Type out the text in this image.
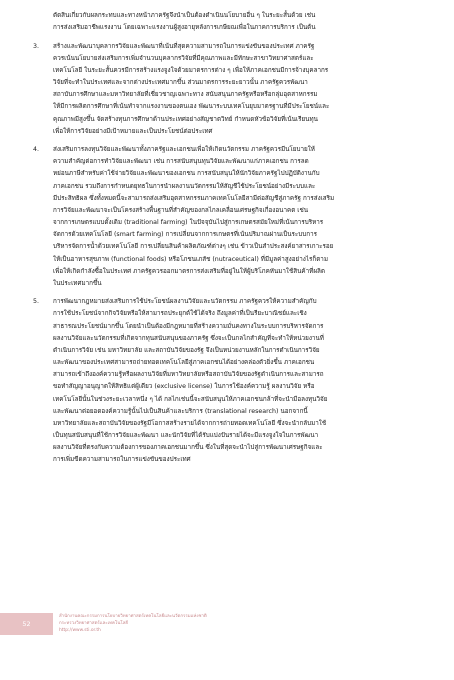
ตัดสินเกี่ยวกับผลกระทบและทางหน้าภาครัฐจึงนำเป็นต้องดำเนินนโยบายอื่น ๆ ในระยะสั้นด้วย เช่น
การส่งเสริมอาชีพแรงงาน โดยเฉพาะแรงงานผู้สูงอายุหลังการเกษียณเพื่อในภาคการบริการ เป็นต้น

3.	สร้างและพัฒนาบุคลากรวิจัยและพัฒนาที่เน้นที่สุดความสามารถในการแข่งขันของประเทศ ภาครัฐ
ควรเน้นนโยบายส่งเสริมการเพิ่มจำนวนบุคลากรวิจัยที่มีคุณภาพและมีทักษะสาขาวิทยาศาสตร์และ
เทคโนโลยี ในระยะสั้นควรมีการสร้างแรงจูงใจด้วยมาตรการต่าง ๆ เพื่อให้ภาคเอกชนมีการจ้างบุคลากร
วิจัยที่จะทำในประเทศและจากต่างประเทศมากขึ้น ส่วนมาตรการระยะยาวนั้น ภาครัฐควรพัฒนา
สถาบันการศึกษาและมหาวิทยาลัยที่เชี่ยวชาญเฉพาะทาง สนับสนุนภาครัฐหรือหรือกลุ่มอุตสาหกรรม
ให้มีการผลิตการศึกษาที่เน้นทำจากแรงงานของตนเอง พัฒนาระบบเทคโนยุบมาตรฐานที่มีประโยชน์และ
คุณภาพมีสูงขึ้น จัดสร้างทุนการศึกษาด้านประเทศอย่างสัญชาตวิทย์ กำหนดหัวข้อวิจัยที่เน้นเรียนทุน
เพื่อให้การวิจัยอย่างมีเป้าหมายและเป็นประโยชน์ต่อประเทศ

4.	ส่งเสริมการลงทุนวิจัยและพัฒนาทั้งภาครัฐและเอกชนเพื่อให้เกิดนวัตกรรม ภาครัฐควรมีนโยบายให้
ความสำคัญต่อการทำวิจัยและพัฒนา เช่น การสนับสนุนทุนวิจัยและพัฒนาแก่ภาคเอกชน การลด
หย่อนภาษีสำหรับค่าใช้จ่ายวิจัยและพัฒนาของเอกชน การสนับสนุนให้นักวิจัยภาครัฐไปปฏิบัติงานกับ
ภาคเอกชน รวมถึงการกำหนดยุทธในการนำผลงานนวัตกรรมให้สัญชีใช้ประโยชน์อย่างมีระบบและ
มีประสิทธิผล ซึ่งทั้งหมดนี้จะสามารถส่งเสริมอุตสาหกรรมภาคเทคโนโลยีสามีต่อสัญชีสู่ภาครัฐ การส่งเสริม
การวิจัยและพัฒนาจะเป็นโครงสร้างพื้นฐานที่สำคัญของกลไกลเคลื่อนเศรษฐกิจเกื่องอนาคต เช่น
จากการเกษตรแบบดั้งเดิม (traditional farming) ในปัจจุบันไปสู่การเกษตรสมัยใหม่ที่เน้นการบริหาร
จัดการด้วยเทคโนโลยี (smart farming) การเปลี่ยนจากการเกษตรที่เน้นปริมาณผ่านเป็นระบบการ
บริหารจัดการน้ำด้วยเทคโนโลยี การเปลี่ยนสินค้าผลิตภัณฑ์ต่างๆ เช่น ข้าวเป็นสำประสงค์ยาสารเกาะรอย
ให้เป็นอาหารสุขภาพ (functional foods) หรือโภชนเภสัช (nutraceutical) ที่มีมูลค่าสูงอย่างไรก็ตาม
เพื่อให้เกิดกำลังซื้อในประเทศ ภาครัฐควรออกมาตรการส่งเสริมที่อยู่ในให้ผู้บริโภคหันมาใช้สินค้าที่ผลิต
ในประเทศมากขึ้น

5.	การพัฒนากฎหมายส่งเสริมการใช้ประโยชน์ผลงานวิจัยและนวัตกรรม ภาครัฐควรให้ความสำคัญกับ
การใช้ประโยชน์จากกิจวิจัยหรือให้สามารถประยุกต์ใช้ได้จริง ถึงมูลค่าที่เป็นรียะบาณิชย์และเชิง
สาธารณประโยชน์มากขึ้น โดยนำเป็นต้องมีกฎหมายที่สร้างความมั่นคงทางในระบบการบริหารจัดการ
ผลงานวิจัยและนวัตกรรมที่เกิดจากทุนสนับสนุนของภาครัฐ ซึ่งจะเป็นกลไกสำคัญที่จะทำให้หน่วยงานที่
ดำเนินการวิจัย เช่น มหาวิทยาลัย และสถาบันวิจัยของรัฐ จึงเป็นหน่วยงานหลักในการดำเนินการวิจัย
และพัฒนาของประเทศสามารถถ่ายทอดเทคโนโลยีสู่ภาคเอกชนได้อย่างคล่องตัวยิ่งขึ้น ภาคเอกชน
สามารถเข้าถึงองค์ความรู้หรือผลงานวิจัยที่มหาวิทยาลัยหรือสถาบันวิจัยของรัฐดำเนินการและสามารถ
ขอทำสัญญาอนุญาตให้สิทธิแต่ผู้เดียว (exclusive license) ในการใช้องค์ความรู้ ผลงานวิจัย หรือ
เทคโนโลยีนั้นในช่วงระยะเวลาหนึ่ง ๆ ได้ กลไกเช่นนี้จะสนับสนุนให้ภาคเอกชนกล้าที่จะนำมือลงทุนวิจัย
และพัฒนาต่อยอดองค์ความรู้นั้นไปเป็นสินค้าและบริการ (translational research) นอกจากนี้
มหาวิทยาลัยและสถาบันวิจัยของรัฐมีโอกาสสร้างรายได้จากการถ่ายทอดเทคโนโลยี ซึ่งจะนำกลับมาใช้
เป็นทุนสนับสนุนที่ใช้การวิจัยและพัฒนา และนักวิจัยที่ได้รับแบ่งปันรายได้จะมีแรงจูงใจในการพัฒนา
ผลงานวิจัยที่ตรงกับความต้องการของภาคเอกชนมากขึ้น ซึ่งในที่สุดจะนำไปสู่การพัฒนาเศรษฐกิจและ
การเพิ่มขีดความสามารถในการแข่งขันของประเทศ

52
สำนักงานคณะกรรมการนโยบายวิทยาศาสตร์เทคโนโลยีและนวัตกรรมแห่งชาติ
กระทรวงวิทยาศาสตร์และเทคโนโลยี
http://www.sti.or.th
